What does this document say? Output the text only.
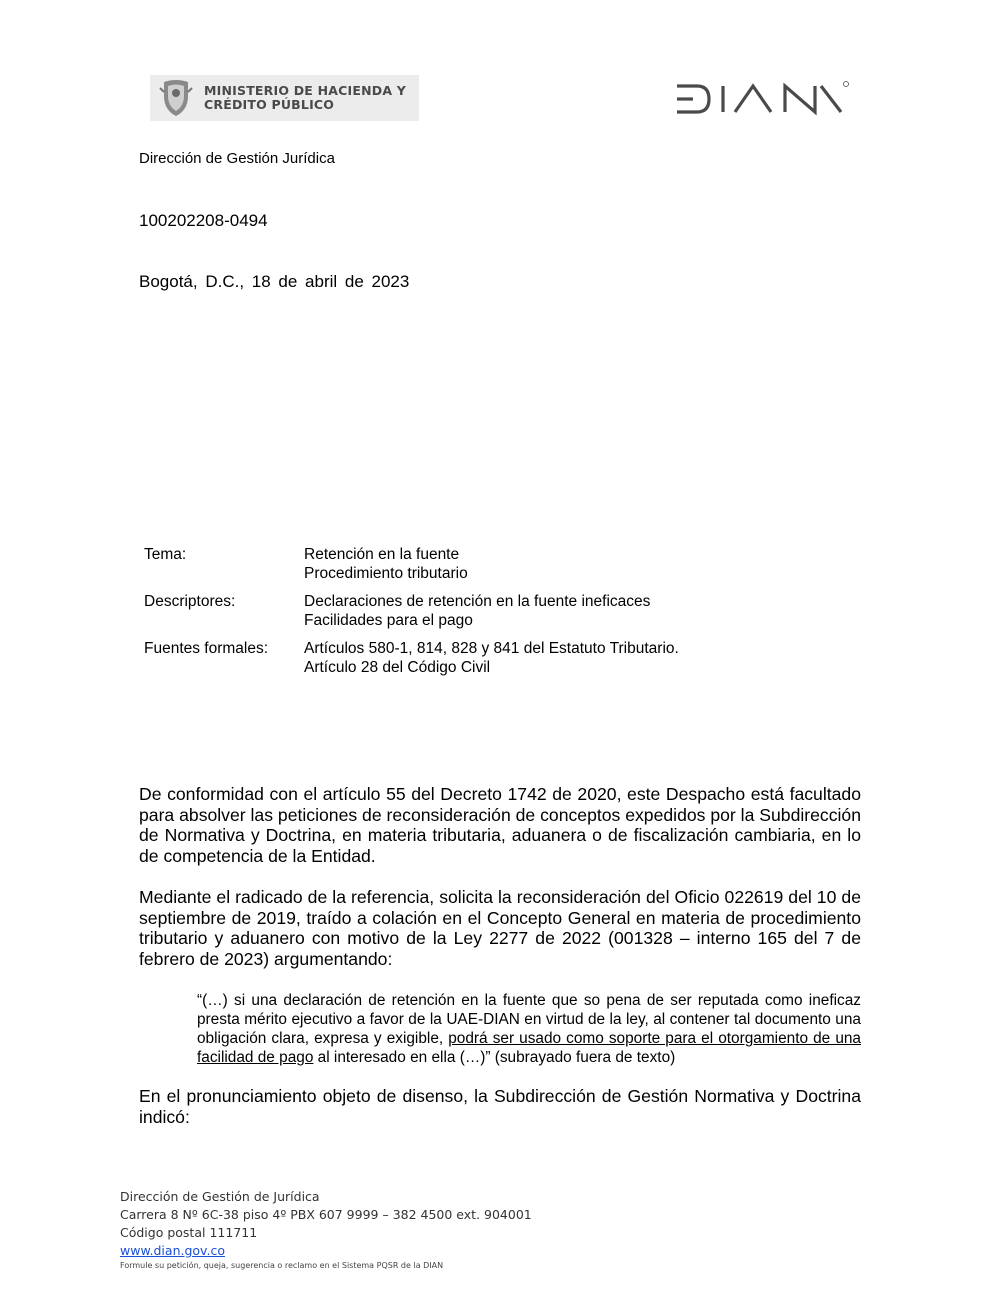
MINISTERIO DE HACIENDA Y
CRÉDITO PÚBLICO
Dirección de Gestión Jurídica
100202208-0494
Bogotá, D.C., 18 de abril de 2023
Tema:	Retención en la fuente
Procedimiento tributario
Descriptores:	Declaraciones de retención en la fuente ineficaces
Facilidades para el pago
Fuentes formales:	Artículos 580-1, 814, 828 y 841 del Estatuto Tributario.
Artículo 28 del Código Civil
De conformidad con el artículo 55 del Decreto 1742 de 2020, este Despacho está facultado para absolver las peticiones de reconsideración de conceptos expedidos por la Subdirección de Normativa y Doctrina, en materia tributaria, aduanera o de fiscalización cambiaria, en lo de competencia de la Entidad.
Mediante el radicado de la referencia, solicita la reconsideración del Oficio 022619 del 10 de septiembre de 2019, traído a colación en el Concepto General en materia de procedimiento tributario y aduanero con motivo de la Ley 2277 de 2022 (001328 – interno 165 del 7 de febrero de 2023) argumentando:
“(…) si una declaración de retención en la fuente que so pena de ser reputada como ineficaz presta mérito ejecutivo a favor de la UAE-DIAN en virtud de la ley, al contener tal documento una obligación clara, expresa y exigible, podrá ser usado como soporte para el otorgamiento de una facilidad de pago al interesado en ella (…)” (subrayado fuera de texto)
En el pronunciamiento objeto de disenso, la Subdirección de Gestión Normativa y Doctrina indicó:
Dirección de Gestión de Jurídica
Carrera 8 Nº 6C-38 piso 4º PBX 607 9999 – 382 4500 ext. 904001
Código postal 111711
www.dian.gov.co
Formule su petición, queja, sugerencia o reclamo en el Sistema PQSR de la DIAN
